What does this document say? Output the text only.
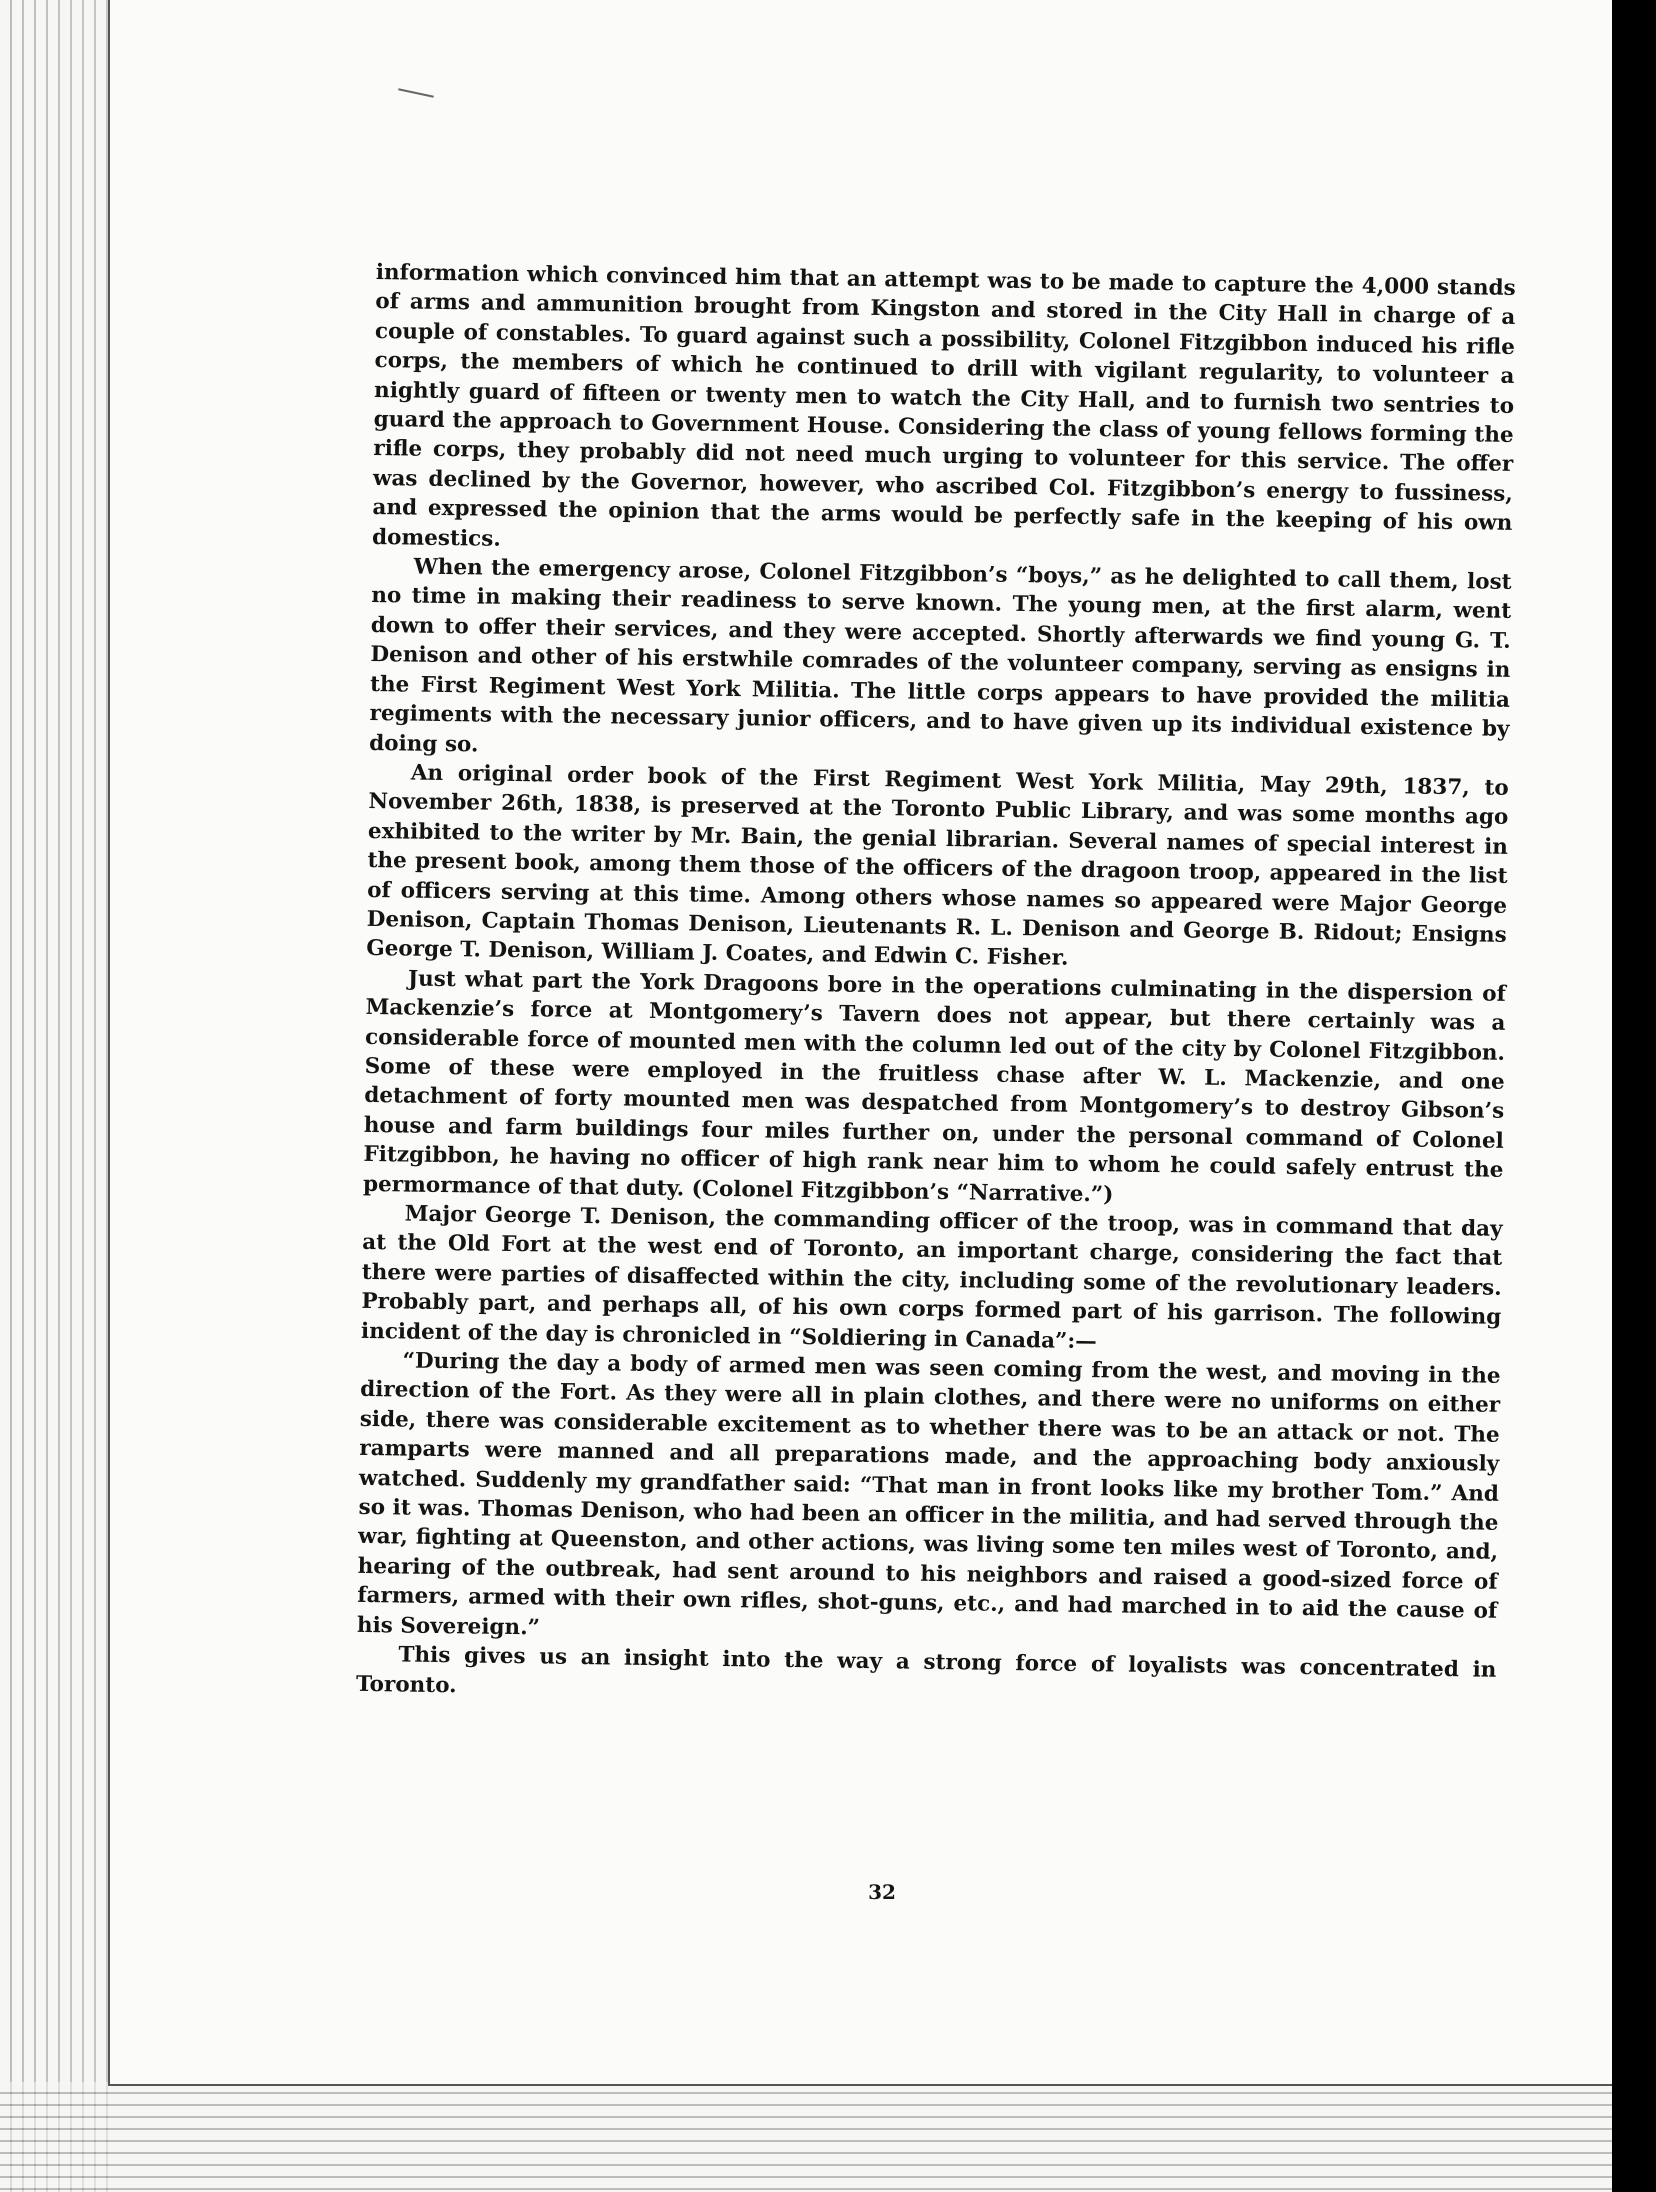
information which convinced him that an attempt was to be made to capture the 4,000 stands of arms and ammunition brought from Kingston and stored in the City Hall in charge of a couple of constables. To guard against such a possibility, Colonel Fitzgibbon induced his rifle corps, the members of which he continued to drill with vigilant regularity, to volunteer a nightly guard of fifteen or twenty men to watch the City Hall, and to furnish two sentries to guard the approach to Government House. Considering the class of young fellows forming the rifle corps, they probably did not need much urging to volunteer for this service. The offer was declined by the Governor, however, who ascribed Col. Fitzgibbon’s energy to fussiness, and expressed the opinion that the arms would be perfectly safe in the keeping of his own domestics.

When the emergency arose, Colonel Fitzgibbon’s “boys,” as he delighted to call them, lost no time in making their readiness to serve known. The young men, at the first alarm, went down to offer their services, and they were accepted. Shortly afterwards we find young G. T. Denison and other of his erstwhile comrades of the volunteer company, serving as ensigns in the First Regiment West York Militia. The little corps appears to have provided the militia regiments with the necessary junior officers, and to have given up its individual existence by doing so.

An original order book of the First Regiment West York Militia, May 29th, 1837, to November 26th, 1838, is preserved at the Toronto Public Library, and was some months ago exhibited to the writer by Mr. Bain, the genial librarian. Several names of special interest in the present book, among them those of the officers of the dragoon troop, appeared in the list of officers serving at this time. Among others whose names so appeared were Major George Denison, Captain Thomas Denison, Lieutenants R. L. Denison and George B. Ridout; Ensigns George T. Denison, William J. Coates, and Edwin C. Fisher.

Just what part the York Dragoons bore in the operations culminating in the dispersion of Mackenzie’s force at Montgomery’s Tavern does not appear, but there certainly was a considerable force of mounted men with the column led out of the city by Colonel Fitzgibbon. Some of these were employed in the fruitless chase after W. L. Mackenzie, and one detachment of forty mounted men was despatched from Montgomery’s to destroy Gibson’s house and farm buildings four miles further on, under the personal command of Colonel Fitzgibbon, he having no officer of high rank near him to whom he could safely entrust the permormance of that duty. (Colonel Fitzgibbon’s “Narrative.”)

Major George T. Denison, the commanding officer of the troop, was in command that day at the Old Fort at the west end of Toronto, an important charge, considering the fact that there were parties of disaffected within the city, including some of the revolutionary leaders. Probably part, and perhaps all, of his own corps formed part of his garrison. The following incident of the day is chronicled in “Soldiering in Canada”:—

“During the day a body of armed men was seen coming from the west, and moving in the direction of the Fort. As they were all in plain clothes, and there were no uniforms on either side, there was considerable excitement as to whether there was to be an attack or not. The ramparts were manned and all preparations made, and the approaching body anxiously watched. Suddenly my grandfather said: “That man in front looks like my brother Tom.” And so it was. Thomas Denison, who had been an officer in the militia, and had served through the war, fighting at Queenston, and other actions, was living some ten miles west of Toronto, and, hearing of the outbreak, had sent around to his neighbors and raised a good-sized force of farmers, armed with their own rifles, shot-guns, etc., and had marched in to aid the cause of his Sovereign.”

This gives us an insight into the way a strong force of loyalists was concentrated in Toronto.

32
